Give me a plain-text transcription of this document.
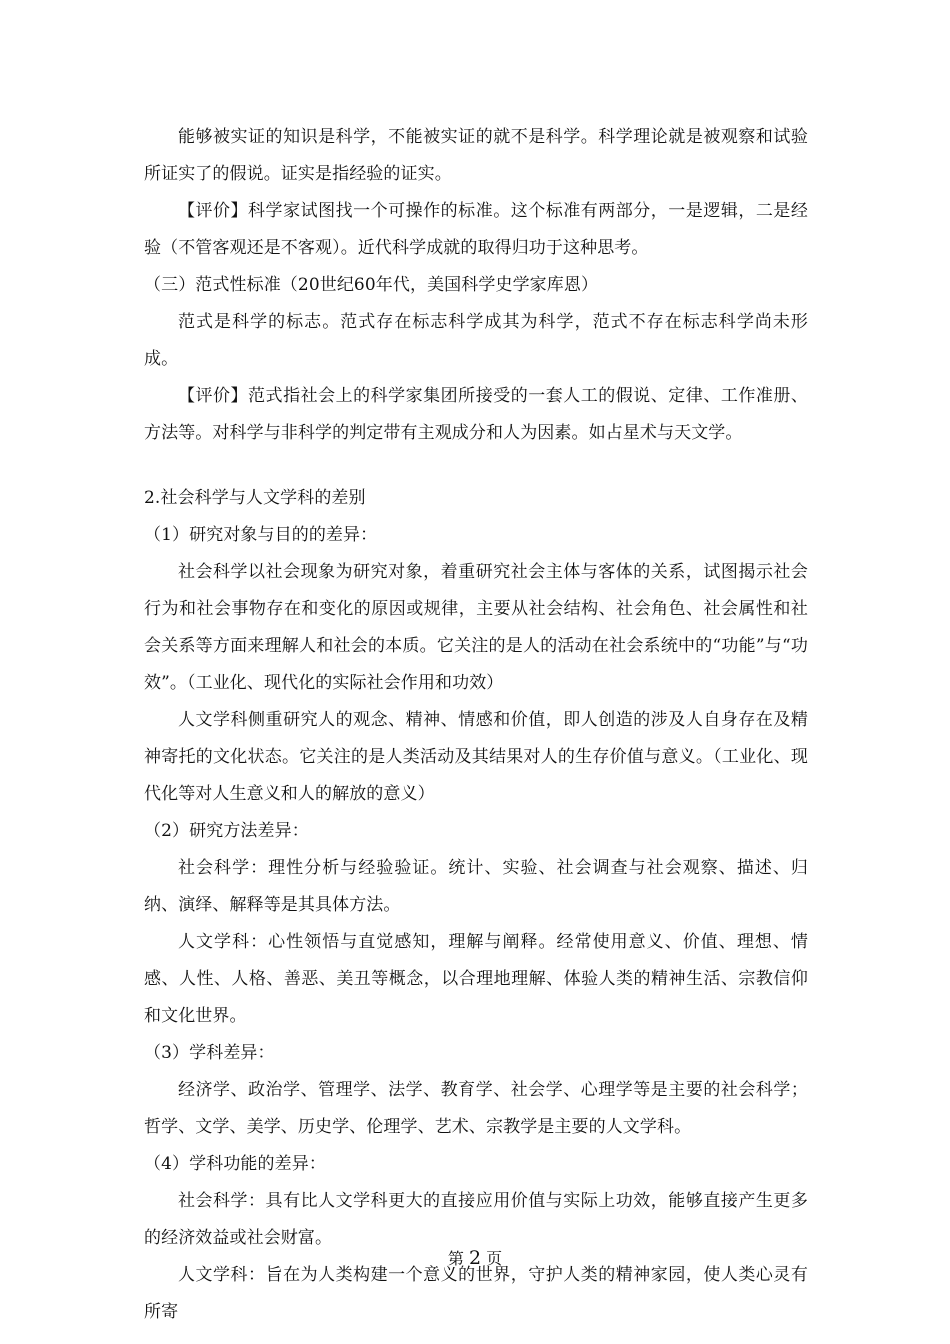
能够被实证的知识是科学，不能被实证的就不是科学。科学理论就是被观察和试验所证实了的假说。证实是指经验的证实。

【评价】科学家试图找一个可操作的标准。这个标准有两部分，一是逻辑，二是经验（不管客观还是不客观）。近代科学成就的取得归功于这种思考。

（三）范式性标准（20世纪60年代，美国科学史学家库恩）

范式是科学的标志。范式存在标志科学成其为科学，范式不存在标志科学尚未形成。

【评价】范式指社会上的科学家集团所接受的一套人工的假说、定律、工作准册、方法等。对科学与非科学的判定带有主观成分和人为因素。如占星术与天文学。

2.社会科学与人文学科的差别

（1）研究对象与目的的差异：

社会科学以社会现象为研究对象，着重研究社会主体与客体的关系，试图揭示社会行为和社会事物存在和变化的原因或规律，主要从社会结构、社会角色、社会属性和社会关系等方面来理解人和社会的本质。它关注的是人的活动在社会系统中的“功能”与“功效”。（工业化、现代化的实际社会作用和功效）

人文学科侧重研究人的观念、精神、情感和价值，即人创造的涉及人自身存在及精神寄托的文化状态。它关注的是人类活动及其结果对人的生存价值与意义。（工业化、现代化等对人生意义和人的解放的意义）

（2）研究方法差异：

社会科学：理性分析与经验验证。统计、实验、社会调查与社会观察、描述、归纳、演绎、解释等是其具体方法。

人文学科：心性领悟与直觉感知，理解与阐释。经常使用意义、价值、理想、情感、人性、人格、善恶、美丑等概念，以合理地理解、体验人类的精神生活、宗教信仰和文化世界。

（3）学科差异：

经济学、政治学、管理学、法学、教育学、社会学、心理学等是主要的社会科学；哲学、文学、美学、历史学、伦理学、艺术、宗教学是主要的人文学科。

（4）学科功能的差异：

社会科学：具有比人文学科更大的直接应用价值与实际上功效，能够直接产生更多的经济效益或社会财富。

人文学科：旨在为人类构建一个意义的世界，守护人类的精神家园，使人类心灵有所寄

第 2 页
